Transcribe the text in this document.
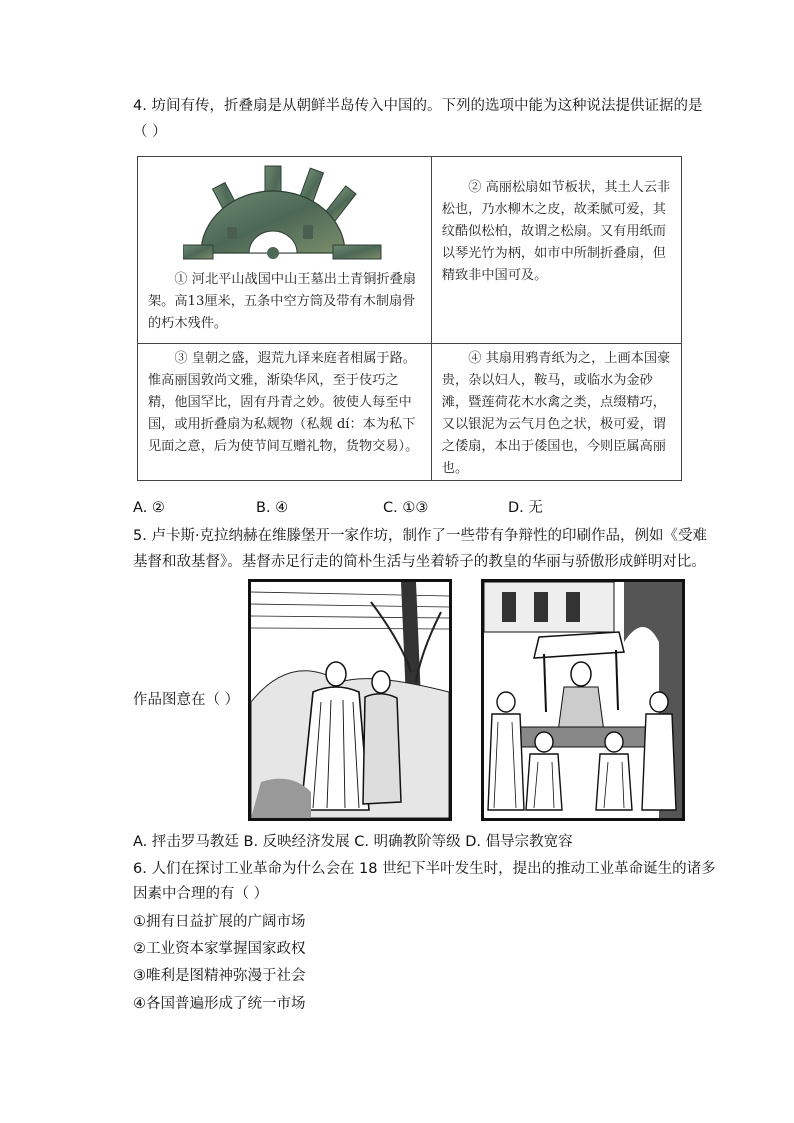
4. 坊间有传，折叠扇是从朝鲜半岛传入中国的。下列的选项中能为这种说法提供证据的是
（ ）
① 河北平山战国中山王墓出土青铜折叠扇架。高13厘米，五条中空方筒及带有木制扇骨的朽木残件。	② 高丽松扇如节板状，其土人云非松也，乃水柳木之皮，故柔腻可爱，其纹酷似松柏，故谓之松扇。又有用纸而以琴光竹为柄，如市中所制折叠扇，但精致非中国可及。

③ 皇朝之盛，遐荒九译来庭者相属于路。惟高丽国敦尚文雅，渐染华风，至于伎巧之精，他国罕比，固有丹青之妙。彼使人每至中国，或用折叠扇为私觌物（私觌 dí：本为私下见面之意，后为使节间互赠礼物，货物交易）。	④ 其扇用鸦青纸为之，上画本国豪贵，杂以妇人，鞍马，或临水为金砂滩，暨莲荷花木水禽之类，点缀精巧，又以银泥为云气月色之状，极可爱，谓之倭扇，本出于倭国也，今则臣属高丽也。
A. ②	B. ④	C. ①③	D. 无
5. 卢卡斯·克拉纳赫在维滕堡开一家作坊，制作了一些带有争辩性的印刷作品，例如《受难
基督和敌基督》。基督赤足行走的简朴生活与坐着轿子的教皇的华丽与骄傲形成鲜明对比。
作品图意在（ ）
A. 抨击罗马教廷 B. 反映经济发展 C. 明确教阶等级 D. 倡导宗教宽容
6. 人们在探讨工业革命为什么会在 18 世纪下半叶发生时，提出的推动工业革命诞生的诸多
因素中合理的有（ ）
①拥有日益扩展的广阔市场
②工业资本家掌握国家政权
③唯利是图精神弥漫于社会
④各国普遍形成了统一市场
